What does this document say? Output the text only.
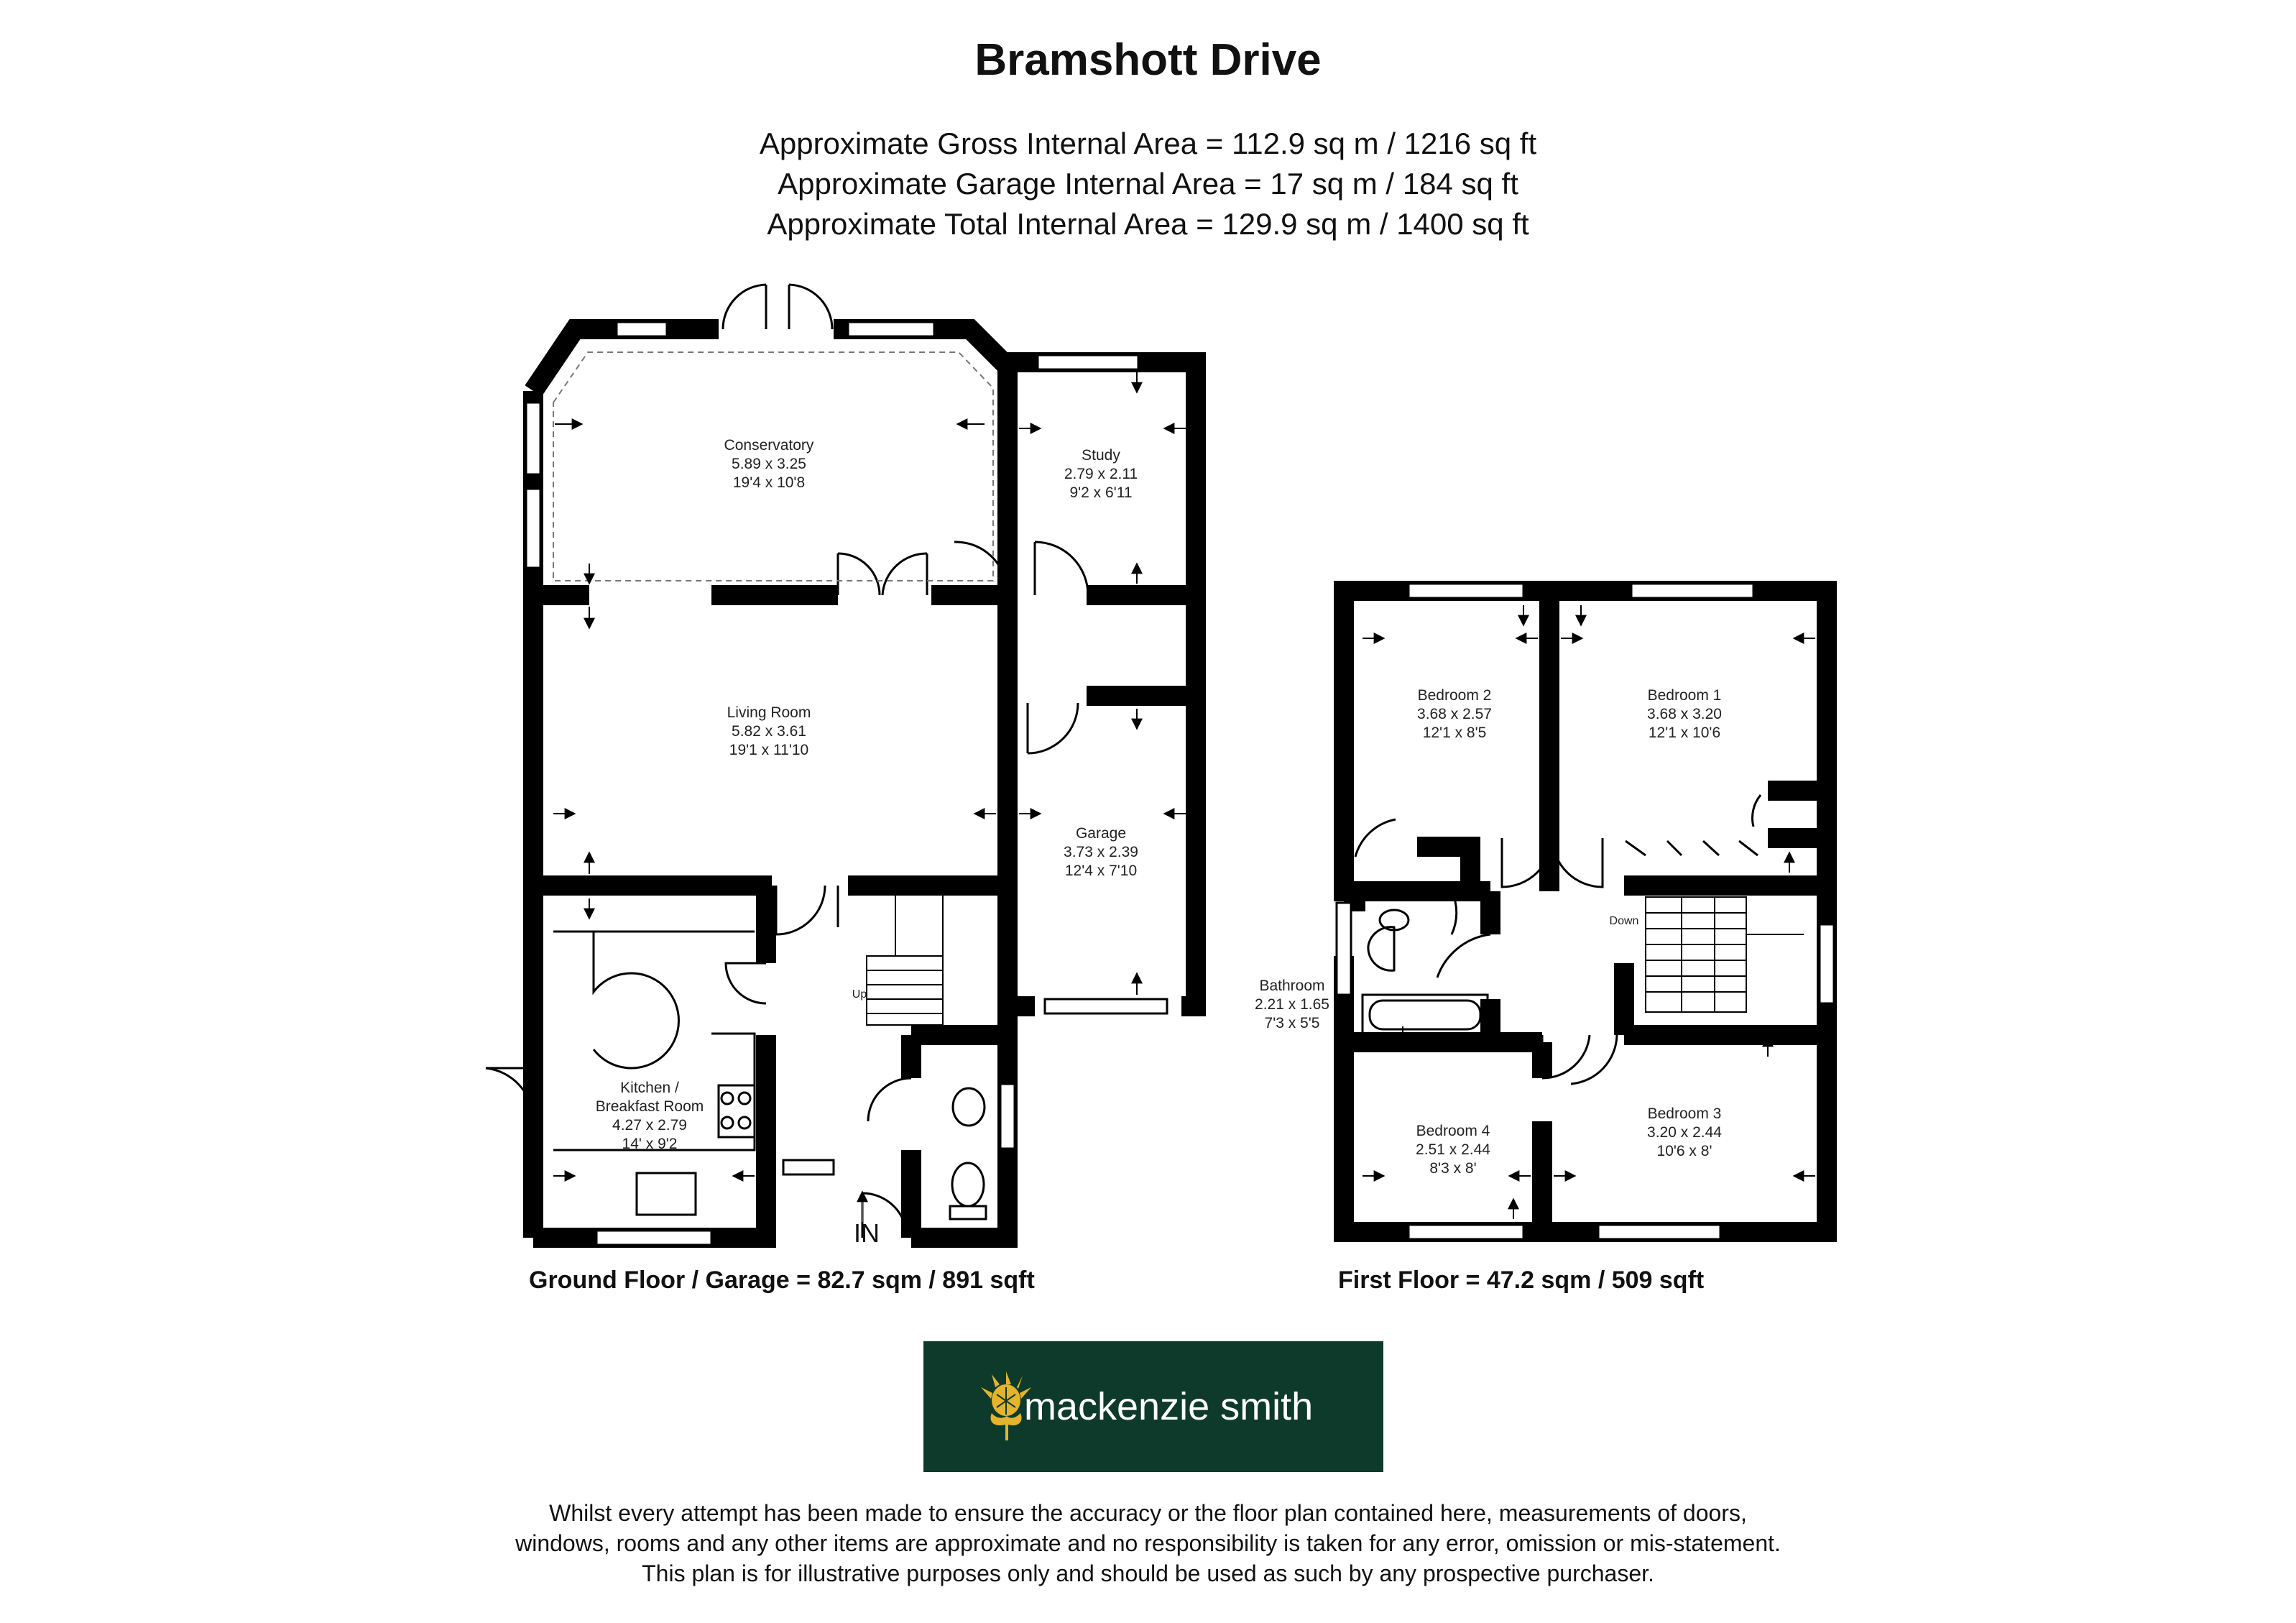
Bramshott Drive
Approximate Gross Internal Area = 112.9 sq m / 1216 sq ft
Approximate Garage Internal Area = 17 sq m / 184 sq ft
Approximate Total Internal Area = 129.9 sq m / 1400 sq ft
Conservatory
5.89 x 3.25
19'4 x 10'8
Study
2.79 x 2.11
9'2 x 6'11
Living Room
5.82 x 3.61
19'1 x 11'10
Garage
3.73 x 2.39
12'4 x 7'10
Kitchen /
Breakfast Room
4.27 x 2.79
14' x 9'2
Up
IN
Bedroom 2
3.68 x 2.57
12'1 x 8'5
Bedroom 1
3.68 x 3.20
12'1 x 10'6
Bathroom
2.21 x 1.65
7'3 x 5'5
Bedroom 4
2.51 x 2.44
8'3 x 8'
Bedroom 3
3.20 x 2.44
10'6 x 8'
Down
Ground Floor / Garage = 82.7 sqm / 891 sqft	First Floor = 47.2 sqm / 509 sqft
mackenzie smith
Whilst every attempt has been made to ensure the accuracy or the floor plan contained here, measurements of doors,
windows, rooms and any other items are approximate and no responsibility is taken for any error, omission or mis-statement.
This plan is for illustrative purposes only and should be used as such by any prospective purchaser.
